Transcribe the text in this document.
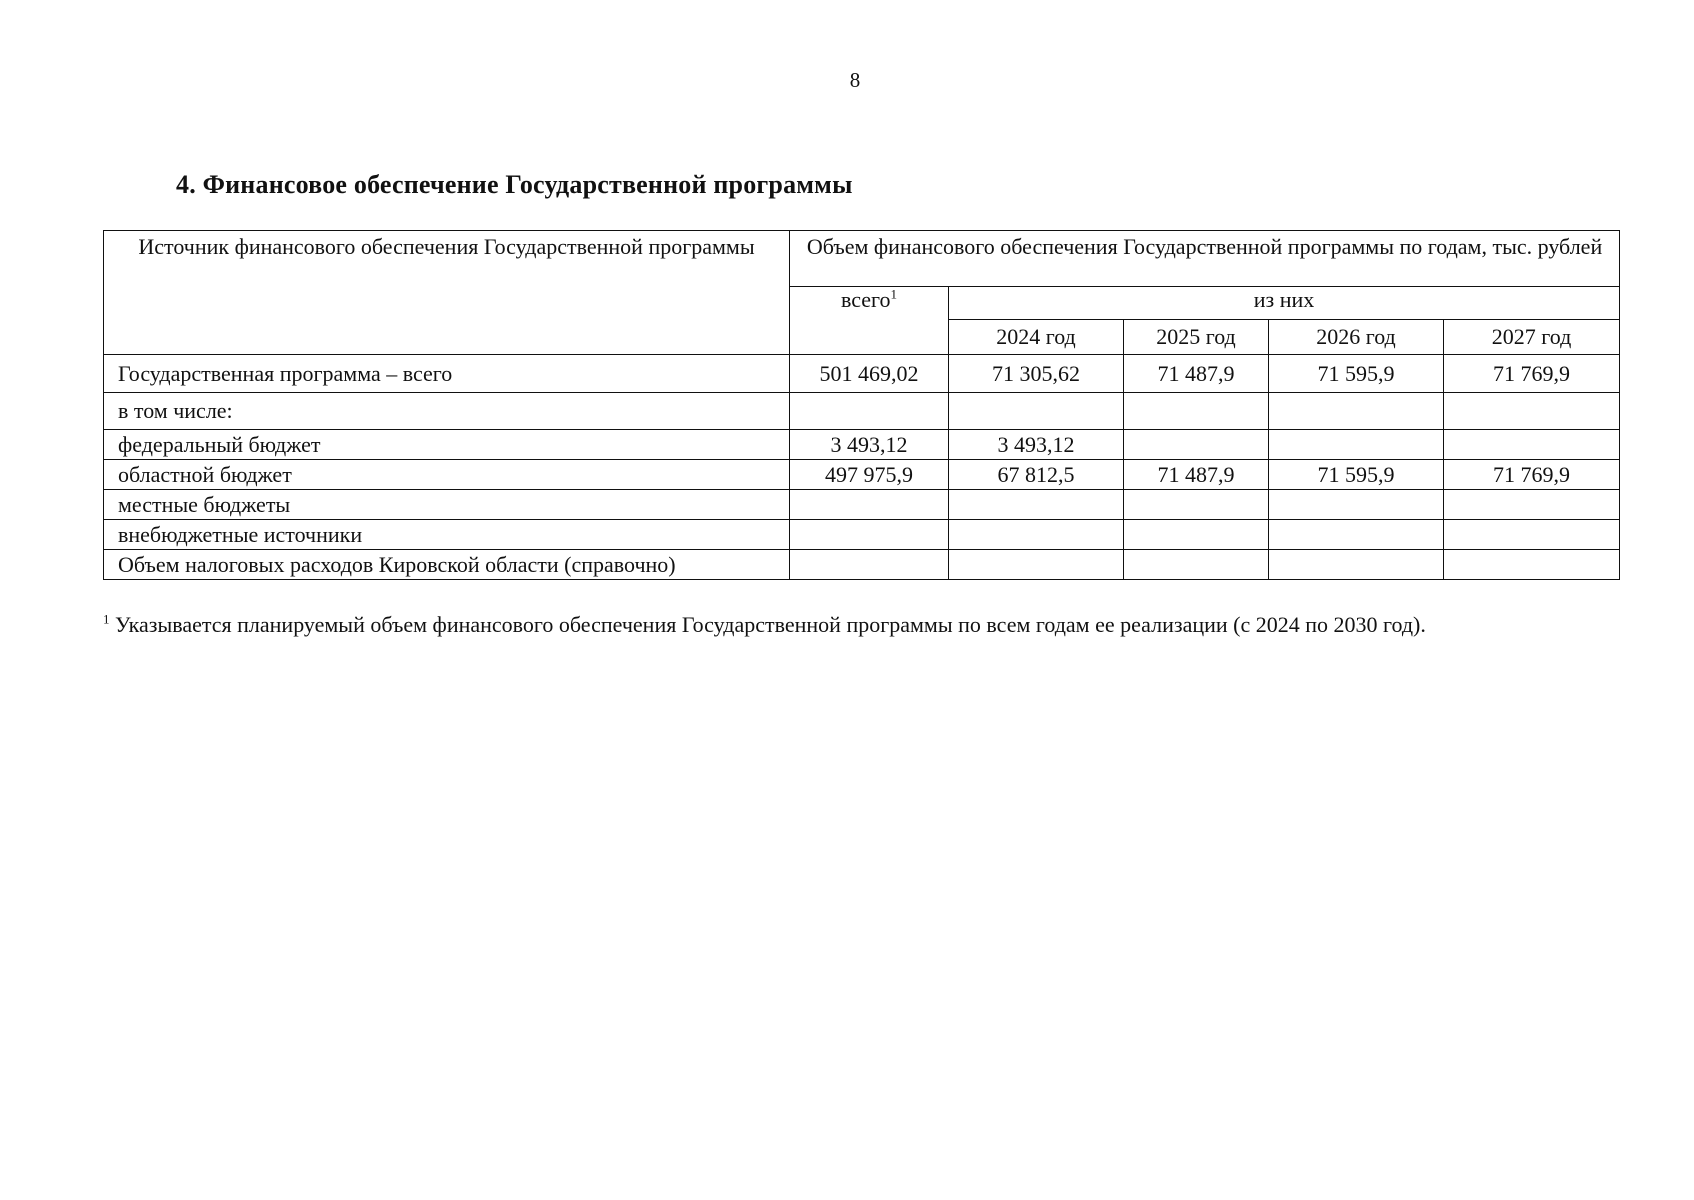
8
4. Финансовое обеспечение Государственной программы
Источник финансового обеспечения Государственной программы	Объем финансового обеспечения Государственной программы по годам, тыс. рублей				
	всего$^1$	из них			
		2024 год	2025 год	2026 год	2027 год
Государственная программа – всего	501 469,02	71 305,62	71 487,9	71 595,9	71 769,9
в том числе:					
федеральный бюджет	3 493,12	3 493,12			
областной бюджет	497 975,9	67 812,5	71 487,9	71 595,9	71 769,9
местные бюджеты					
внебюджетные источники					
Объем налоговых расходов Кировской области (справочно)					
$^1$ Указывается планируемый объем финансового обеспечения Государственной программы по всем годам ее реализации (с 2024 по 2030 год).
